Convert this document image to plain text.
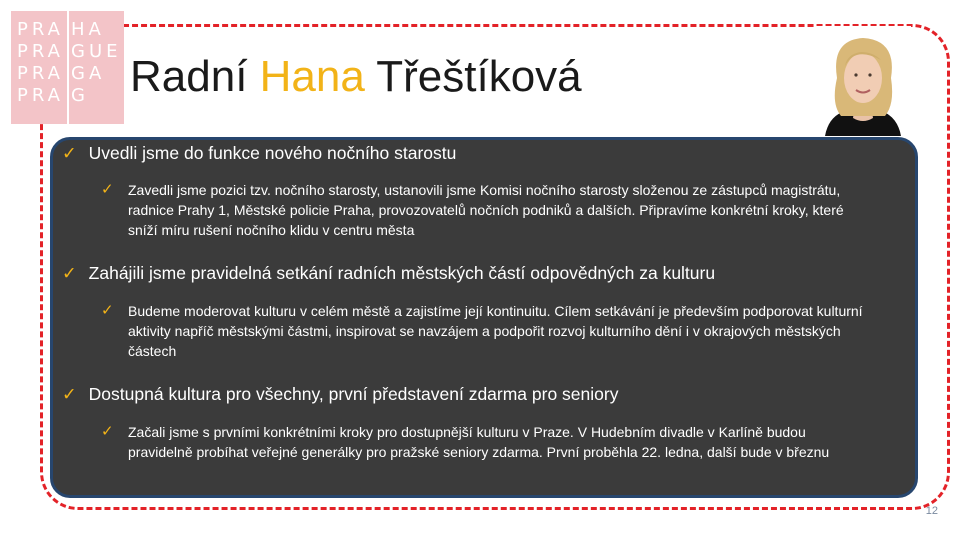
PRA HA
PRA GUE
PRA GA
PRA G Radní Hana Třeštíková
✓ Uvedli jsme do funkce nového nočního starostu
✓	Zavedli jsme pozici tzv. nočního starosty, ustanovili jsme Komisi nočního starosty složenou ze zástupců magistrátu, radnice Prahy 1, Městské policie Praha, provozovatelů nočních podniků a dalších. Připravíme konkrétní kroky, které sníží míru rušení nočního klidu v centru města
✓ Zahájili jsme pravidelná setkání radních městských částí odpovědných za kulturu
✓	Budeme moderovat kulturu v celém městě a zajistíme její kontinuitu. Cílem setkávání je především podporovat kulturní aktivity napříč městskými částmi, inspirovat se navzájem a podpořit rozvoj kulturního dění i v okrajových městských částech
✓ Dostupná kultura pro všechny, první představení zdarma pro seniory
✓	Začali jsme s prvními konkrétními kroky pro dostupnější kulturu v Praze. V Hudebním divadle v Karlíně budou pravidelně probíhat veřejné generálky pro pražské seniory zdarma. První proběhla 22. ledna, další bude v březnu
12
